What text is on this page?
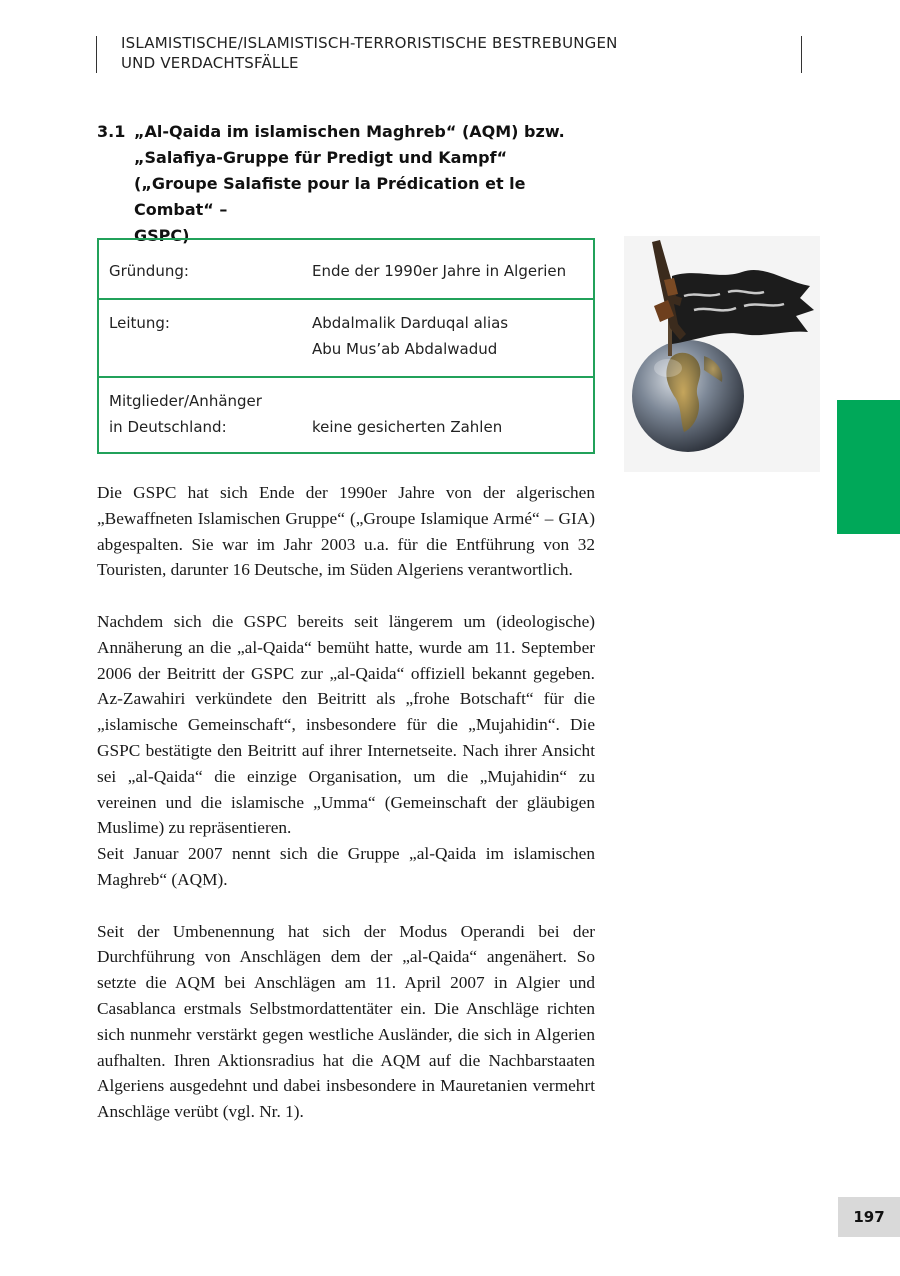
ISLAMISTISCHE/ISLAMISTISCH-TERRORISTISCHE BESTREBUNGEN
UND VERDACHTSFÄLLE
3.1 „Al-Qaida im islamischen Maghreb“ (AQM) bzw.
„Salafiya-Gruppe für Predigt und Kampf“
(„Groupe Salafiste pour la Prédication et le Combat“ –
GSPC)
Gründung:	Ende der 1990er Jahre in Algerien
Leitung:	Abdalmalik Darduqal alias
Abu Mus’ab Abdalwadud
Mitglieder/Anhänger
in Deutschland:	keine gesicherten Zahlen

Die GSPC hat sich Ende der 1990er Jahre von der algerischen „Bewaffneten Islamischen Gruppe“ („Groupe Islamique Armé“ – GIA) abgespalten. Sie war im Jahr 2003 u.a. für die Entführung von 32 Touristen, darunter 16 Deutsche, im Süden Algeriens verantwortlich.

Nachdem sich die GSPC bereits seit längerem um (ideologische) Annäherung an die „al-Qaida“ bemüht hatte, wurde am 11. September 2006 der Beitritt der GSPC zur „al-Qaida“ offiziell bekannt gegeben. Az-Zawahiri verkündete den Beitritt als „frohe Botschaft“ für die „islamische Gemeinschaft“, insbesondere für die „Mujahidin“. Die GSPC bestätigte den Beitritt auf ihrer Internetseite. Nach ihrer Ansicht sei „al-Qaida“ die einzige Organisation, um die „Mujahidin“ zu vereinen und die islamische „Umma“ (Gemeinschaft der gläubigen Muslime) zu repräsentieren.

Seit Januar 2007 nennt sich die Gruppe „al-Qaida im islamischen Maghreb“ (AQM).

Seit der Umbenennung hat sich der Modus Operandi bei der Durchführung von Anschlägen dem der „al-Qaida“ angenähert. So setzte die AQM bei Anschlägen am 11. April 2007 in Algier und Casablanca erstmals Selbstmordattentäter ein. Die Anschläge richten sich nunmehr verstärkt gegen westliche Ausländer, die sich in Algerien aufhalten. Ihren Aktionsradius hat die AQM auf die Nachbarstaaten Algeriens ausgedehnt und dabei insbesondere in Mauretanien vermehrt Anschläge verübt (vgl. Nr. 1).

197
